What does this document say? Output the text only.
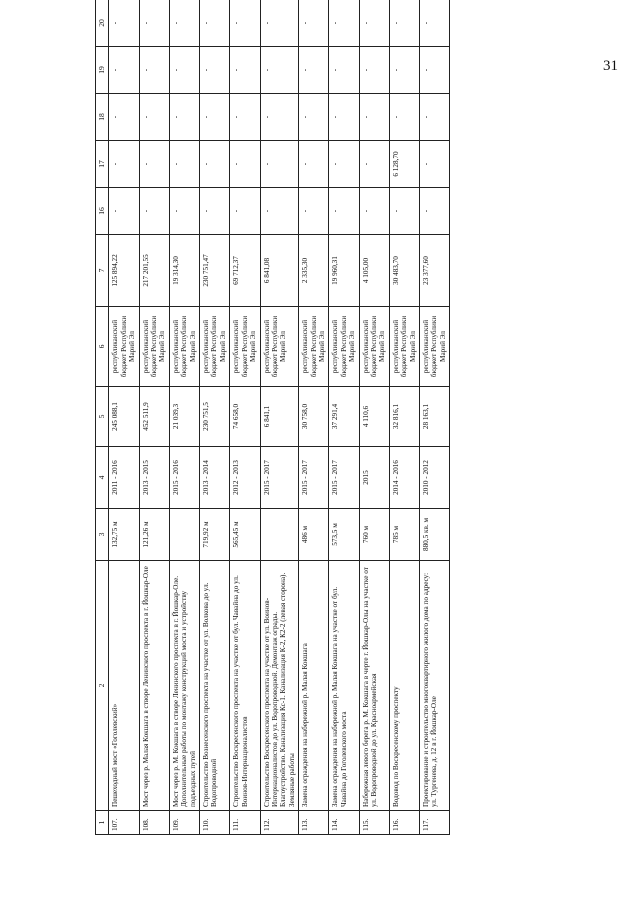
31
1	2	3	4	5	6	7	16	17	18	19	20
107.	Пешеходный мост «Гоголевский»	132,75 м	2011 - 2016	245 088,1	республиканский бюджет Республики Марий Эл	125 894,22	-	-	-	-	-
108.	Мост через р. Малая Кокшага в створе Ленинского проспекта в г. Йошкар-Оле	121,26 м	2013 - 2015	452 511,9	республиканский бюджет Республики Марий Эл	217 201,55	-	-	-	-	-
109.	Мост через р. М. Кокшага в створе Ленинского проспекта в г. Йошкар-Оле. Дополнительные работы по монтажу конструкций моста и устройству подъездных путей		2015 - 2016	21 039,3	республиканский бюджет Республики Марий Эл	19 314,30	-	-	-	-	-
110.	Строительство Вознесенского проспекта на участке от ул. Волкова до ул. Водопроводной	719,92 м	2013 - 2014	230 751,5	республиканский бюджет Республики Марий Эл	230 751,47	-	-	-	-	-
111.	Строительство Воскресенского проспекта на участке от бул. Чавайна до ул. Воинов-Интернационалистов	565,45 м	2012 - 2013	74 658,0	республиканский бюджет Республики Марий Эл	69 712,37	-	-	-	-	-
112.	Строительство Воскресенского проспекта на участке от ул. Воинов-Интернационалистов до ул. Водопроводной. Демонтаж ограды. Благоустройство. Канализация Кс-1. Канализация К-2, К2-2 (левая сторона). Земляные работы		2015 - 2017	6 841,1	республиканский бюджет Республики Марий Эл	6 841,08	-	-	-	-	-
113.	Замена ограждения на набережной р. Малая Кокшага	486 м	2015 - 2017	30 758,0	республиканский бюджет Республики Марий Эл	2 335,30	-	-	-	-	-
114.	Замена ограждения на набережной р. Малая Кокшага на участке от бул. Чавайна до Гоголевского моста	573,5 м	2015 - 2017	37 291,4	республиканский бюджет Республики Марий Эл	19 960,31	-	-	-	-	-
115.	Набережная левого берега р. М. Кокшага в черте г. Йошкар-Олы на участке от ул. Водопроводной до ул. Красноармейская	760 м	2015	4 110,6	республиканский бюджет Республики Марий Эл	4 105,00	-	-	-	-	-
116.	Водовод по Воскресенскому проспекту	785 м	2014 - 2016	32 816,1	республиканский бюджет Республики Марий Эл	30 483,70	-	6 128,70	-	-	-
117.	Проектирование и строительство многоквартирного жилого дома по адресу: ул. Тургенева, д. 12 в г. Йошкар-Оле	880,5 кв. м	2010 - 2012	28 163,1	республиканский бюджет Республики Марий Эл	23 377,60	-	-	-	-	-
